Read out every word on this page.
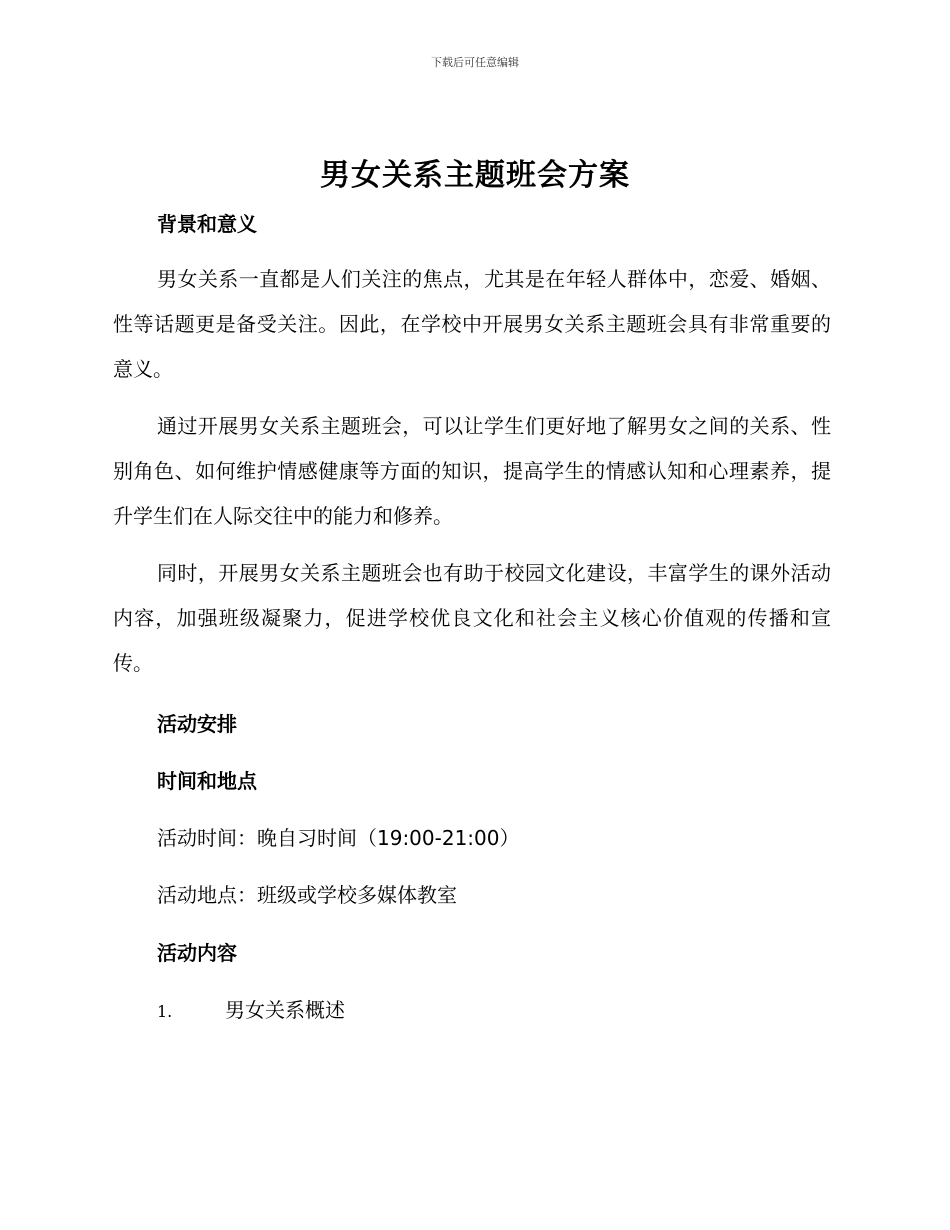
下载后可任意编辑
男女关系主题班会方案
背景和意义

男女关系一直都是人们关注的焦点，尤其是在年轻人群体中，恋爱、婚姻、性等话题更是备受关注。因此，在学校中开展男女关系主题班会具有非常重要的意义。

通过开展男女关系主题班会，可以让学生们更好地了解男女之间的关系、性别角色、如何维护情感健康等方面的知识，提高学生的情感认知和心理素养，提升学生们在人际交往中的能力和修养。

同时，开展男女关系主题班会也有助于校园文化建设，丰富学生的课外活动内容，加强班级凝聚力，促进学校优良文化和社会主义核心价值观的传播和宣传。

活动安排
时间和地点
活动时间：晚自习时间（19:00-21:00）
活动地点：班级或学校多媒体教室
活动内容
1.	男女关系概述
